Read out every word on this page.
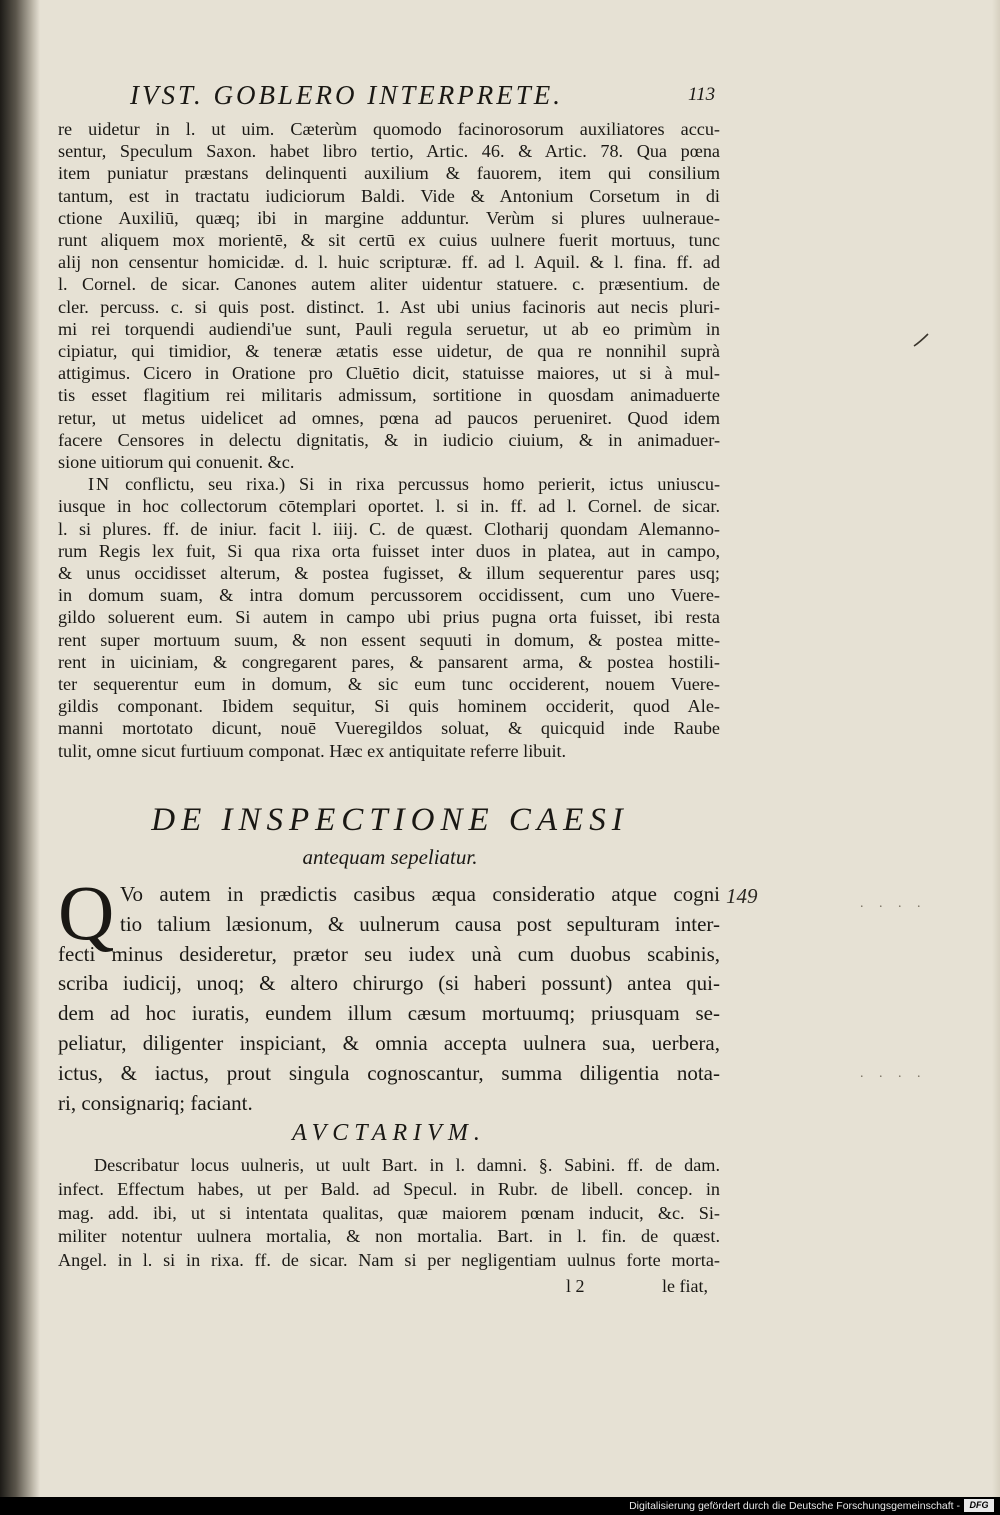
IVST. GOBLERO INTERPRETE.	113

re uidetur in l. ut uim. Cæterùm quomodo facinorosorum auxiliatores accu-

sentur, Speculum Saxon. habet libro tertio, Artic. 46. & Artic. 78. Qua pœna

item puniatur præstans delinquenti auxilium & fauorem, item qui consilium

tantum, est in tractatu iudiciorum Baldi. Vide & Antonium Corsetum in di

ctione Auxiliū, quæq; ibi in margine adduntur. Verùm si plures uulneraue-

runt aliquem mox morientē, & sit certū ex cuius uulnere fuerit mortuus, tunc

alij non censentur homicidæ. d. l. huic scripturæ. ff. ad l. Aquil. & l. fina. ff. ad

l. Cornel. de sicar. Canones autem aliter uidentur statuere. c. præsentium. de

cler. percuss. c. si quis post. distinct. 1. Ast ubi unius facinoris aut necis pluri-

mi rei torquendi audiendi'ue sunt, Pauli regula seruetur, ut ab eo primùm in

cipiatur, qui timidior, & teneræ ætatis esse uidetur, de qua re nonnihil suprà

attigimus. Cicero in Oratione pro Cluētio dicit, statuisse maiores, ut si à mul-

tis esset flagitium rei militaris admissum, sortitione in quosdam animaduerte

retur, ut metus uidelicet ad omnes, pœna ad paucos perueniret. Quod idem

facere Censores in delectu dignitatis, & in iudicio ciuium, & in animaduer-

sione uitiorum qui conuenit. &c.

IN conflictu, seu rixa.) Si in rixa percussus homo perierit, ictus uniuscu-

iusque in hoc collectorum cōtemplari oportet. l. si in. ff. ad l. Cornel. de sicar.

l. si plures. ff. de iniur. facit l. iiij. C. de quæst. Clotharij quondam Alemanno-

rum Regis lex fuit, Si qua rixa orta fuisset inter duos in platea, aut in campo,

& unus occidisset alterum, & postea fugisset, & illum sequerentur pares usq;

in domum suam, & intra domum percussorem occidissent, cum uno Vuere-

gildo soluerent eum. Si autem in campo ubi prius pugna orta fuisset, ibi resta

rent super mortuum suum, & non essent sequuti in domum, & postea mitte-

rent in uiciniam, & congregarent pares, & pansarent arma, & postea hostili-

ter sequerentur eum in domum, & sic eum tunc occiderent, nouem Vuere-

gildis componant. Ibidem sequitur, Si quis hominem occiderit, quod Ale-

manni mortotato dicunt, nouē Vueregildos soluat, & quicquid inde Raube

tulit, omne sicut furtiuum componat. Hæc ex antiquitate referre libuit.

DE INSPECTIONE CAESI
antequam sepeliatur.
Q Vo autem in prædictis casibus æqua consideratio atque cogni
tio talium læsionum, & uulnerum causa post sepulturam inter-
fecti minus desideretur, prætor seu iudex unà cum duobus scabinis,
scriba iudicij, unoq; & altero chirurgo (si haberi possunt) antea qui-
dem ad hoc iuratis, eundem illum cæsum mortuumq; priusquam se-
peliatur, diligenter inspiciant, & omnia accepta uulnera sua, uerbera,
ictus, & iactus, prout singula cognoscantur, summa diligentia nota-
ri, consignariq; faciant.
149	. . . .
. . . .
AVCTARIVM.

Describatur locus uulneris, ut uult Bart. in l. damni. §. Sabini. ff. de dam.

infect. Effectum habes, ut per Bald. ad Specul. in Rubr. de libell. concep. in

mag. add. ibi, ut si intentata qualitas, quæ maiorem pœnam inducit, &c. Si-

militer notentur uulnera mortalia, & non mortalia. Bart. in l. fin. de quæst.

Angel. in l. si in rixa. ff. de sicar. Nam si per negligentiam uulnus forte morta-

l 2	le fiat,
Digitalisierung gefördert durch die Deutsche Forschungsgemeinschaft -	DFG
